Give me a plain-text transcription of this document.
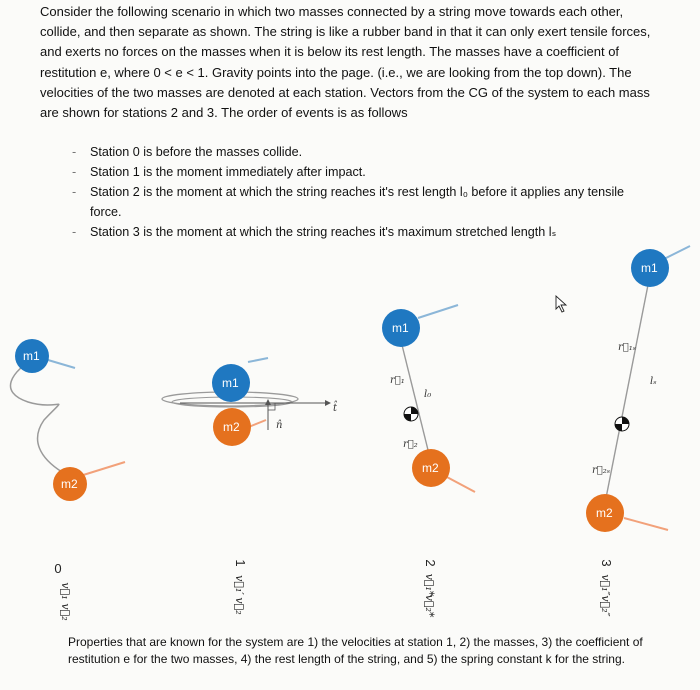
Consider the following scenario in which two masses connected by a string move towards each other, collide, and then separate as shown. The string is like a rubber band in that it can only exert tensile forces, and exerts no forces on the masses when it is below its rest length. The masses have a coefficient of restitution e, where 0 < e < 1. Gravity points into the page. (i.e., we are looking from the top down). The velocities of the two masses are denoted at each station. Vectors from the CG of the system to each mass are shown for stations 2 and 3. The order of events is as follows

- Station 0 is before the masses collide.
- Station 1 is the moment immediately after impact.
- Station 2 is the moment at which the string reaches it's rest length l₀ before it applies any tensile force.
- Station 3 is the moment at which the string reaches it's maximum stretched length lₛ
m1
m2
t̂
n̂
m1
m2
m1
m2
r⃗₁
l₀
r⃗₂
m1
m2
r⃗₁ₛ
lₛ
r⃗₂ₛ
0
v⃗₁
v⃗₂
1
v⃗₁′
v⃗₂
2
v⃗₁*
v⃗₂*
3
v⃗₁″
v⃗₂″
Properties that are known for the system are 1) the velocities at station 1, 2) the masses, 3) the coefficient of restitution e for the two masses, 4) the rest length of the string, and 5) the spring constant k for the string.
